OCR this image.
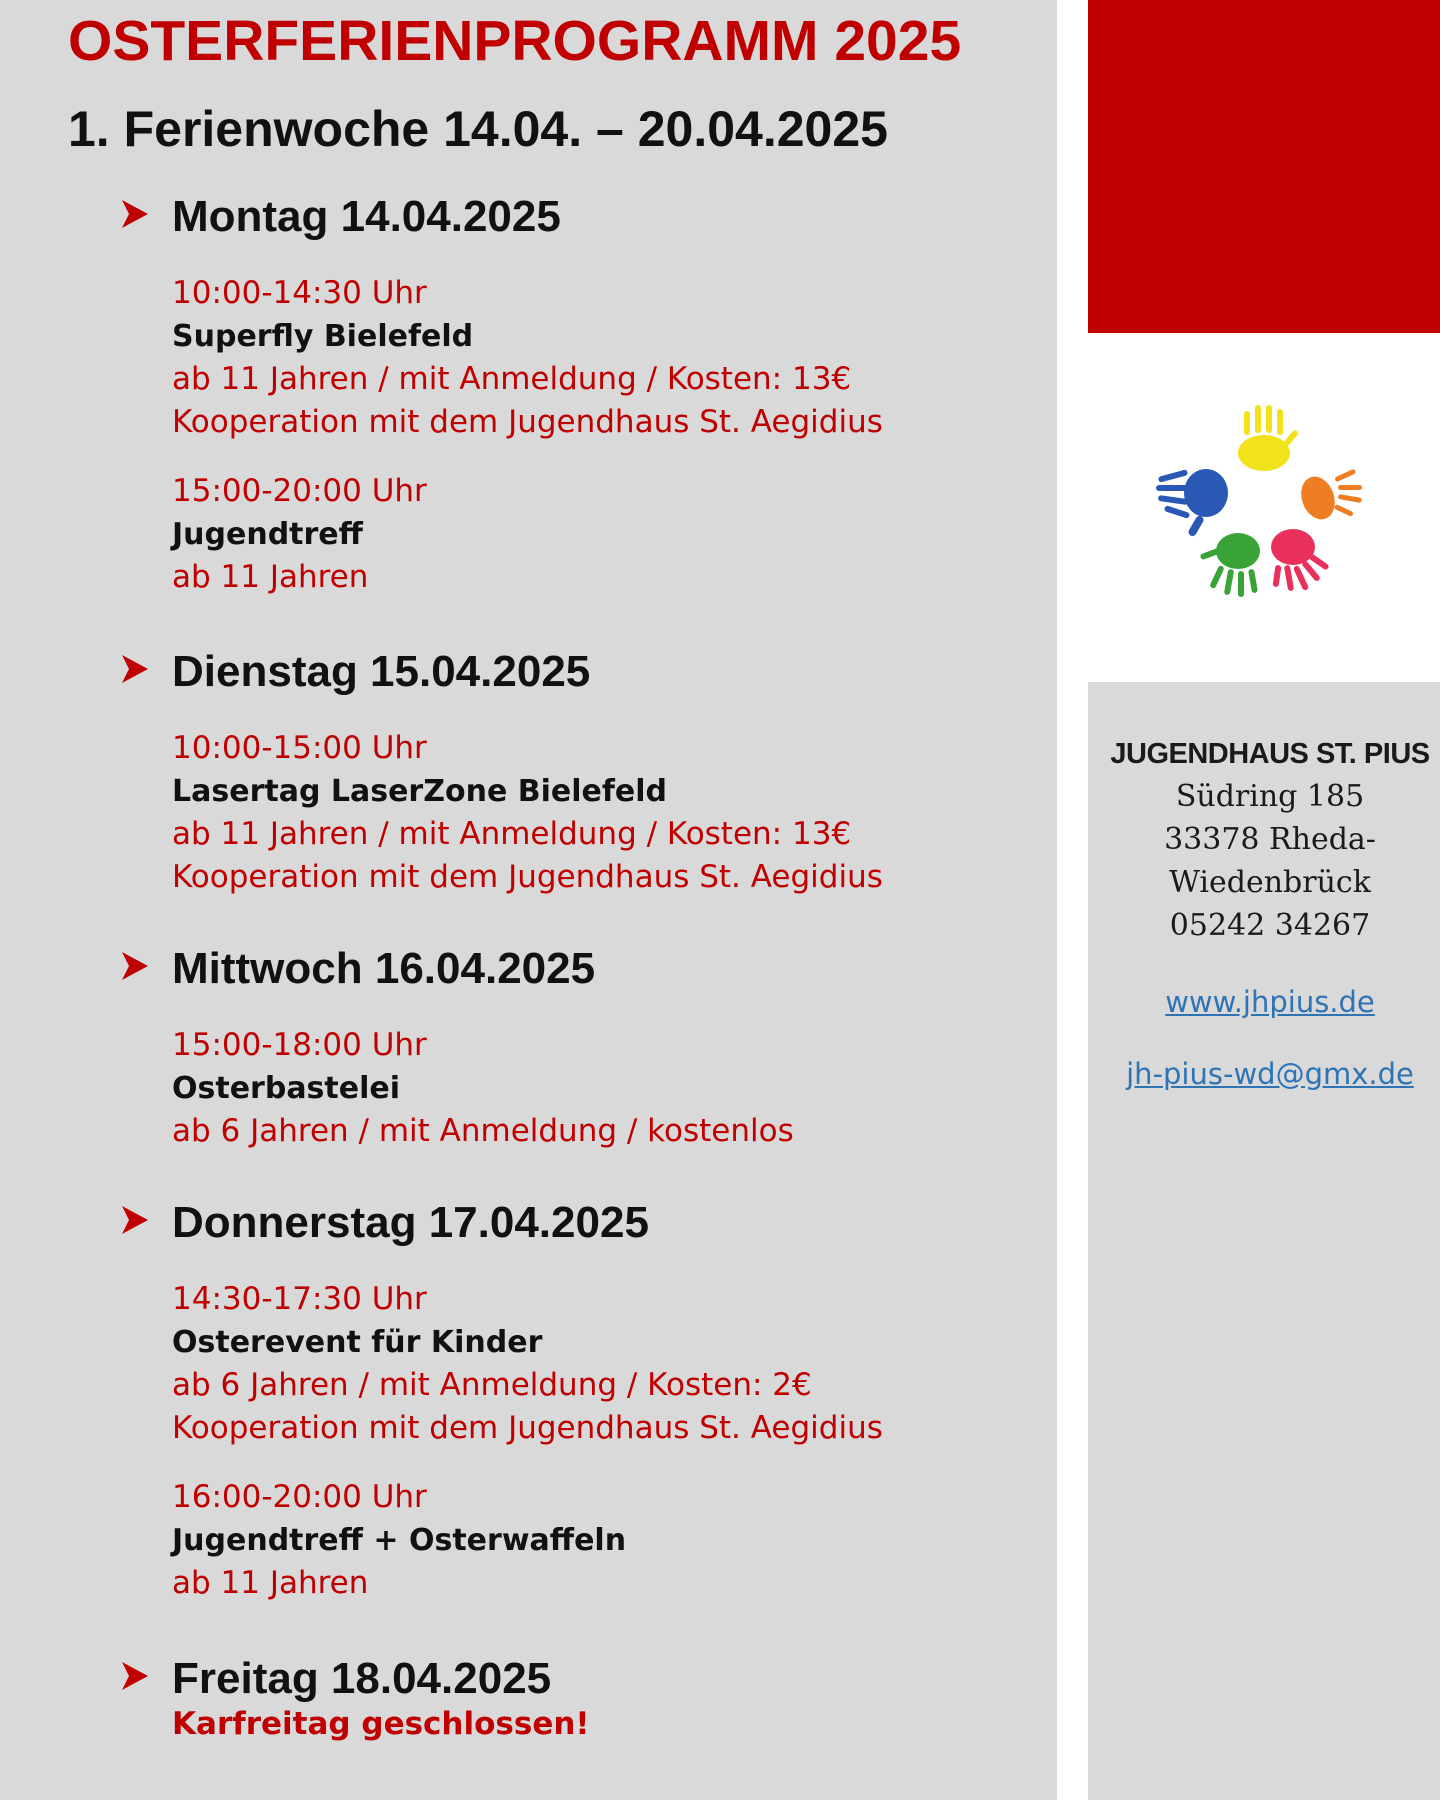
OSTERFERIENPROGRAMM 2025
1. Ferienwoche 14.04. – 20.04.2025
Montag 14.04.2025
10:00-14:30 Uhr
Superfly Bielefeld
ab 11 Jahren / mit Anmeldung / Kosten: 13€
Kooperation mit dem Jugendhaus St. Aegidius
15:00-20:00 Uhr
Jugendtreff
ab 11 Jahren
Dienstag 15.04.2025
10:00-15:00 Uhr
Lasertag LaserZone Bielefeld
ab 11 Jahren / mit Anmeldung / Kosten: 13€
Kooperation mit dem Jugendhaus St. Aegidius
Mittwoch 16.04.2025
15:00-18:00 Uhr
Osterbastelei
ab 6 Jahren / mit Anmeldung / kostenlos
Donnerstag 17.04.2025
14:30-17:30 Uhr
Osterevent für Kinder
ab 6 Jahren / mit Anmeldung / Kosten: 2€
Kooperation mit dem Jugendhaus St. Aegidius
16:00-20:00 Uhr
Jugendtreff + Osterwaffeln
ab 11 Jahren
Freitag 18.04.2025
Karfreitag geschlossen!
JUGENDHAUS ST. PIUS
Südring 185
33378 Rheda-
Wiedenbrück
05242 34267
www.jhpius.de
jh-pius-wd@gmx.de
